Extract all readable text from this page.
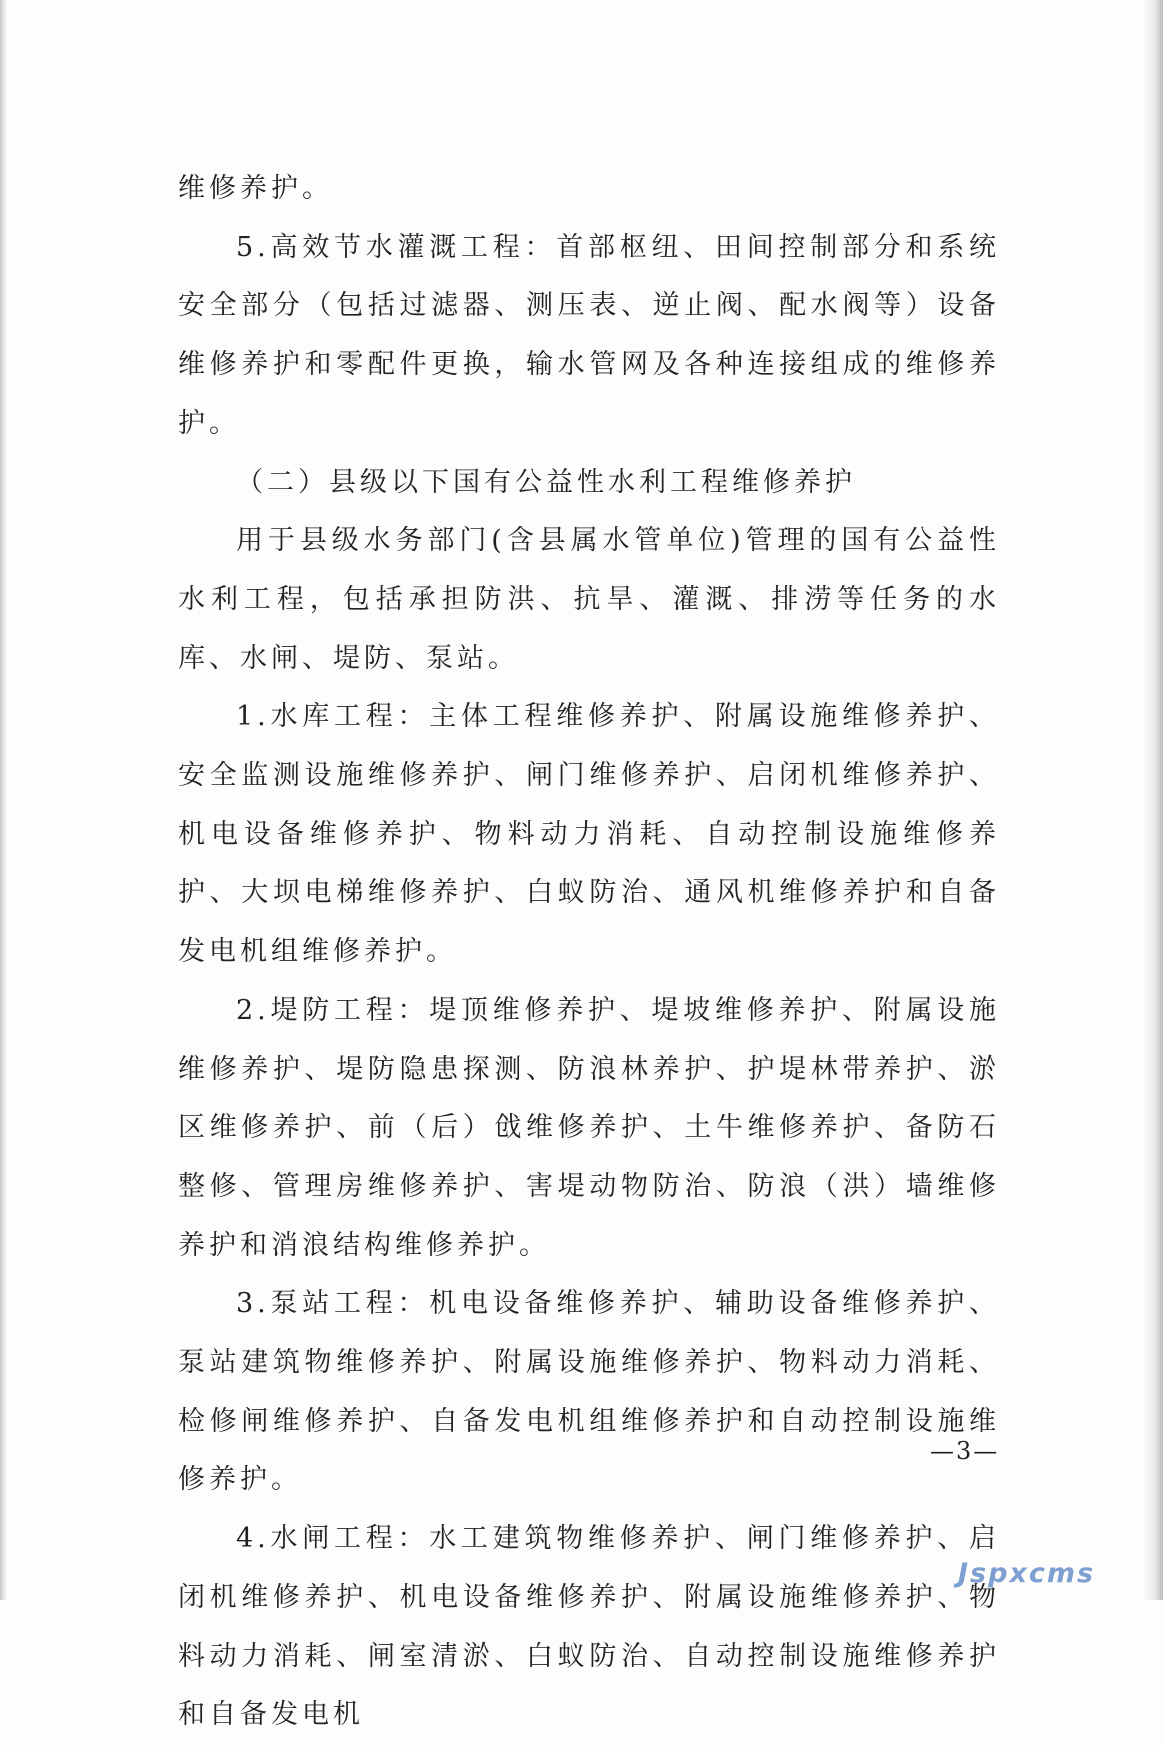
维修养护。

5.高效节水灌溉工程：首部枢纽、田间控制部分和系统安全部分（包括过滤器、测压表、逆止阀、配水阀等）设备维修养护和零配件更换，输水管网及各种连接组成的维修养护。

（二）县级以下国有公益性水利工程维修养护

用于县级水务部门(含县属水管单位)管理的国有公益性水利工程，包括承担防洪、抗旱、灌溉、排涝等任务的水库、水闸、堤防、泵站。

1.水库工程：主体工程维修养护、附属设施维修养护、安全监测设施维修养护、闸门维修养护、启闭机维修养护、机电设备维修养护、物料动力消耗、自动控制设施维修养护、大坝电梯维修养护、白蚁防治、通风机维修养护和自备发电机组维修养护。

2.堤防工程：堤顶维修养护、堤坡维修养护、附属设施维修养护、堤防隐患探测、防浪林养护、护堤林带养护、淤区维修养护、前（后）戗维修养护、土牛维修养护、备防石整修、管理房维修养护、害堤动物防治、防浪（洪）墙维修养护和消浪结构维修养护。

3.泵站工程：机电设备维修养护、辅助设备维修养护、泵站建筑物维修养护、附属设施维修养护、物料动力消耗、检修闸维修养护、自备发电机组维修养护和自动控制设施维修养护。

4.水闸工程：水工建筑物维修养护、闸门维修养护、启闭机维修养护、机电设备维修养护、附属设施维修养护、物料动力消耗、闸室清淤、白蚁防治、自动控制设施维修养护和自备发电机

—3—
Jspxcms
